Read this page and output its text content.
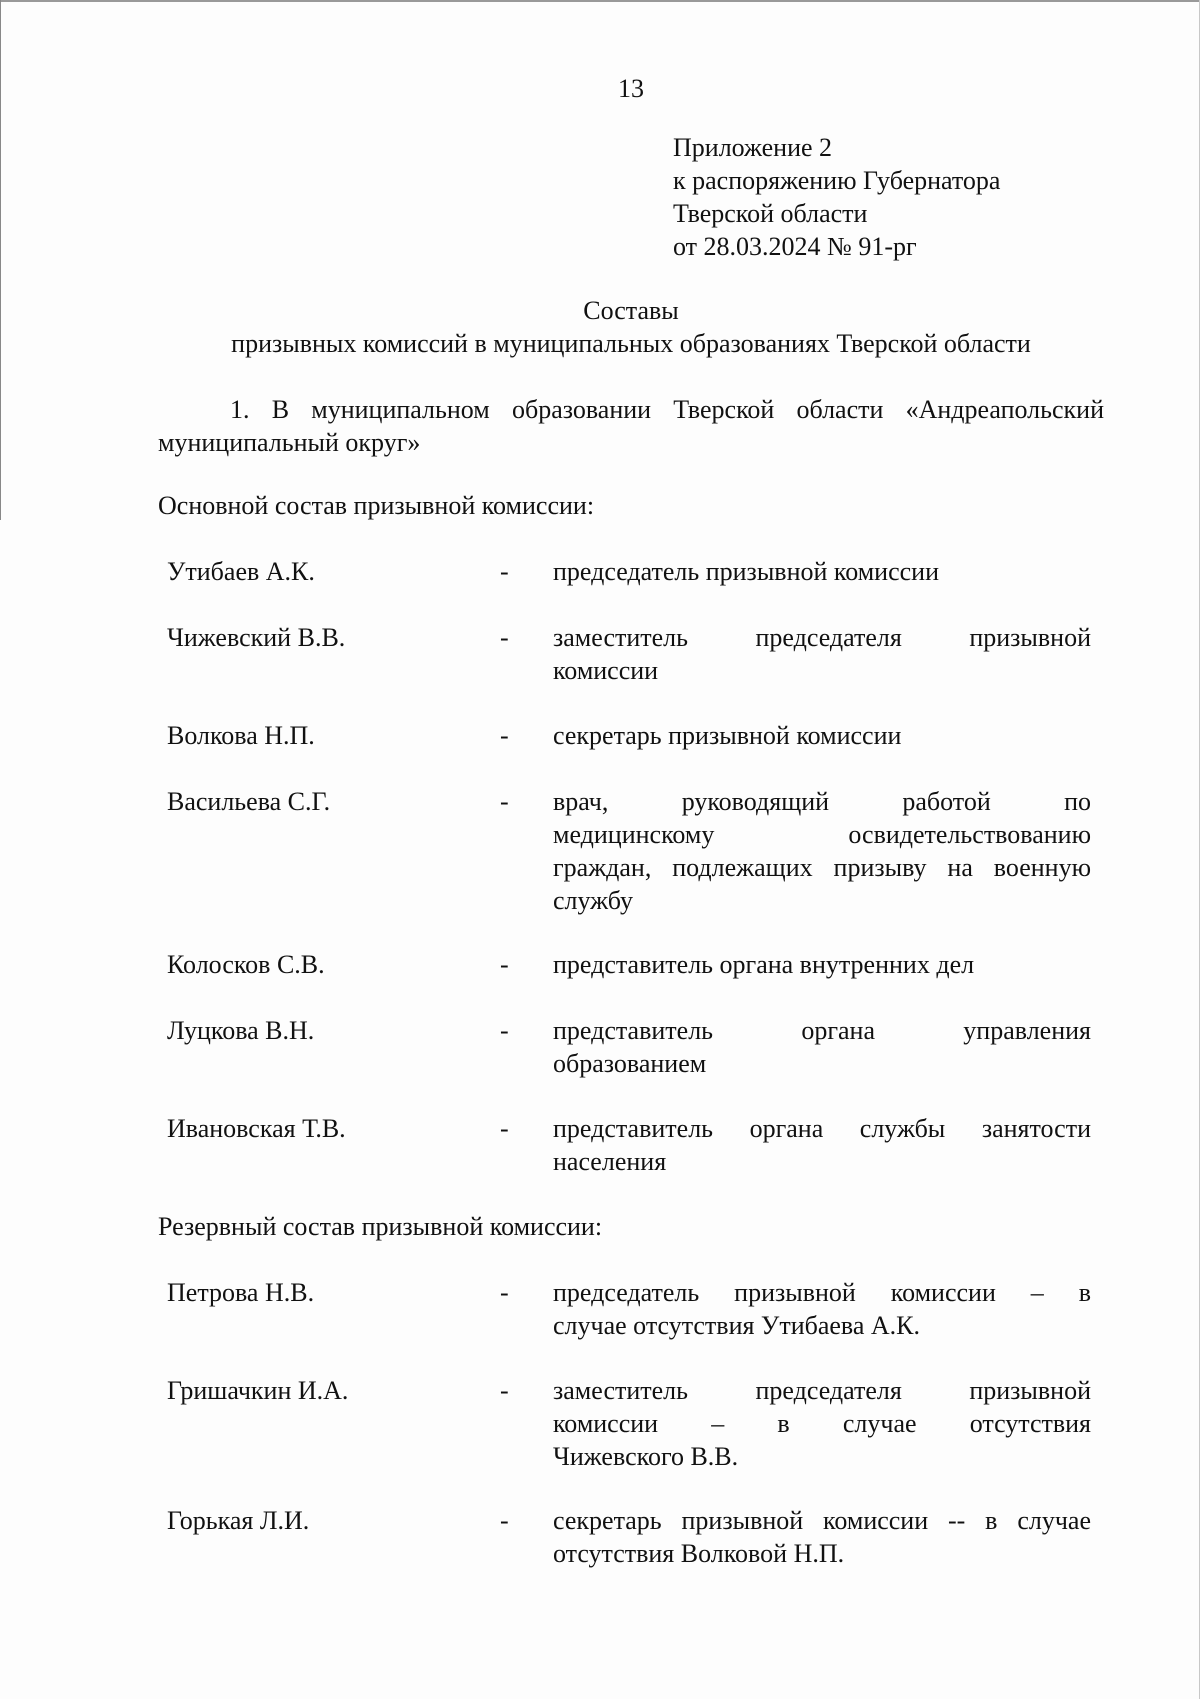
13
Приложение 2
к распоряжению Губернатора
Тверской области
от 28.03.2024 № 91-рг
Составы
призывных комиссий в муниципальных образованиях Тверской области
1. В муниципальном образовании Тверской области «Андреапольский
муниципальный округ»
Основной состав призывной комиссии:
Утибаев А.К.	- председатель призывной комиссии
Чижевский В.В.	- заместитель председателя призывной
комиссии
Волкова Н.П.	- секретарь призывной комиссии
Васильева С.Г.	- врач, руководящий работой по
медицинскому освидетельствованию
граждан, подлежащих призыву на военную
службу
Колосков С.В.	- представитель органа внутренних дел
Луцкова В.Н.	- представитель органа управления
образованием
Ивановская Т.В.	- представитель органа службы занятости
населения
Резервный состав призывной комиссии:
Петрова Н.В.	- председатель призывной комиссии – в
случае отсутствия Утибаева А.К.
Гришачкин И.А.	- заместитель председателя призывной
комиссии – в случае отсутствия
Чижевского В.В.
Горькая Л.И.	- секретарь призывной комиссии -- в случае
отсутствия Волковой Н.П.
